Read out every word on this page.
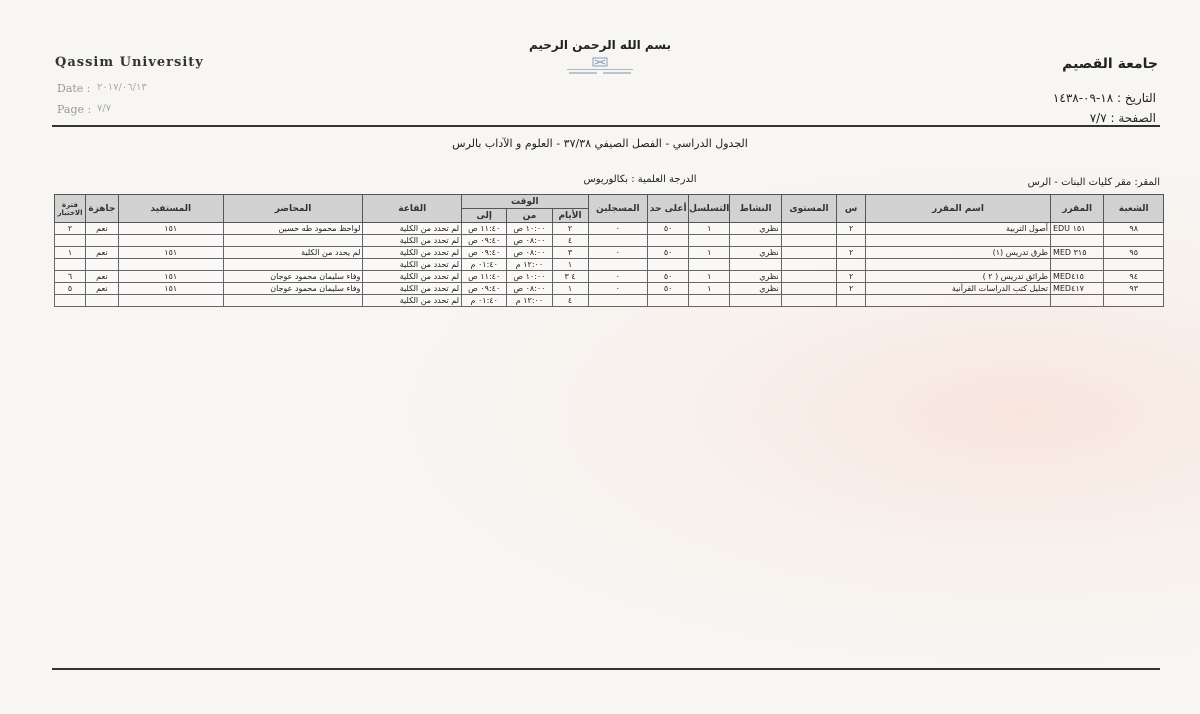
بسم الله الرحمن الرحيم
Qassim University	جامعة القصيم
Date : ٢٠١٧/٠٦/١٣
Page : ٧/٧
التاريخ : ١٨-٠٩-١٤٣٨
الصفحة : ٧/٧
الجدول الدراسي - الفصل الصيفي ٣٧/٣٨ - العلوم و الآداب بالرس
الدرجة العلمية : بكالوريوس	المقر: مقر كليات البنات - الرس
الشعبة	المقرر	اسم المقرر	س	المستوى	النشاط	التسلسل	أعلى حد	المسجلين	الوقت			القاعة	المحاضر	المستفيد	جاهزة	فترة الاختبار
									الأيام	من	إلى					
٩٨	EDU ١٥١	أصول التربية	٢		نظري	١	٥٠	٠	٢	١٠:٠٠ ص	١١:٤٠ ص	لم تحدد من الكلية	لواحظ محمود طه حسين	١٥١	نعم	٢
									٤	٠٨:٠٠ ص	٠٩:٤٠ ص	لم تحدد من الكلية				
٩٥	MED ٣١٥	طرق تدريس (١)	٢		نظري	١	٥٠	٠	٣	٠٨:٠٠ ص	٠٩:٤٠ ص	لم تحدد من الكلية	لم يحدد من الكلية	١٥١	نعم	١
									١	١٢:٠٠ م	٠١:٤٠ م	لم تحدد من الكلية				
٩٤	MED٤١٥	طرائق تدريس ( ٢ )	٢		نظري	١	٥٠	٠	٤ ٣	١٠:٠٠ ص	١١:٤٠ ص	لم تحدد من الكلية	وفاء سليمان محمود عوجان	١٥١	نعم	٦
٩٣	MED٤١٧	تحليل كتب الدراسات القرآنية	٢		نظري	١	٥٠	٠	١	٠٨:٠٠ ص	٠٩:٤٠ ص	لم تحدد من الكلية	وفاء سليمان محمود عوجان	١٥١	نعم	٥
									٤	١٢:٠٠ م	٠١:٤٠ م	لم تحدد من الكلية				
